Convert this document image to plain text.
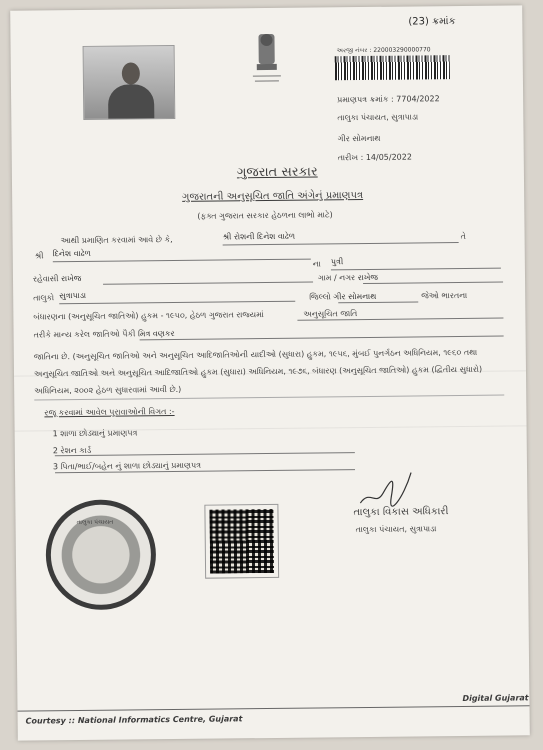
(23) ક્રમાંક
અરજી નંબર : 220003290000770
પ્રમાણપત્ર ક્રમાંક : 7704/2022
તાલુકા પંચાયત, સુત્રાપાડા
ગીર સોમનાથ
તારીખ : 14/05/2022
ગુજરાત સરકાર
ગુજરાતની અનુસૂચિત જાતિ અંગેનું પ્રમાણપત્ર
(ફક્ત ગુજરાત સરકાર હેઠળના લાભો માટે)
આથી પ્રમાણિત કરવામાં આવે છે કે,	શ્રી રોશની દિનેશ વાઢેળ	તે
શ્રી દિનેશ વાઢેળ
ના પુત્રી
રહેવાસી રાખેજ	ગામ / નગર રાખેજ
તાલુકો સુત્રાપાડા	જિલ્લો ગીર સોમનાથ	જેઓ ભારતના
બંધારણના (અનુસૂચિત જાતિઓ) હુકમ - ૧૯૫૦, હેઠળ ગુજરાત રાજ્યમાં	અનુસૂચિત જાતિ
તરીકે માન્ય કરેલ જાતિઓ પૈકી મિત્ર વણકર
જાતિના છે. (અનુસૂચિત જાતિઓ અને અનુસૂચિત આદિજાતિઓની યાદીઓ (સુધારા) હુકમ, ૧૯૫૬, મુંબઈ પુનર્ગઠન અધિનિયમ, ૧૯૬૦ તથા અનુસૂચિત જાતિઓ અને અનુસૂચિત આદિજાતિઓ હુકમ (સુધારા) અધિનિયમ, ૧૯૭૬, બંધારણ (અનુસૂચિત જાતિઓ) હુકમ (દ્વિતીય સુધારો) અધિનિયમ, ૨૦૦૨ હેઠળ સુધારવામાં આવી છે.)
રજૂ કરવામાં આવેલ પુરાવાઓની વિગત :-
1 શાળા છોડ્યાનું પ્રમાણપત્ર
2 રેશન કાર્ડ
3 પિતા/ભાઈ/બહેન નું શાળા છોડ્યાનું પ્રમાણપત્ર
તાલુકા પંચાયત
તાલુકા વિકાસ અધિકારી
તાલુકા પંચાયત, સુત્રાપાડા
Courtesy :: National Informatics Centre, Gujarat
Digital Gujarat
